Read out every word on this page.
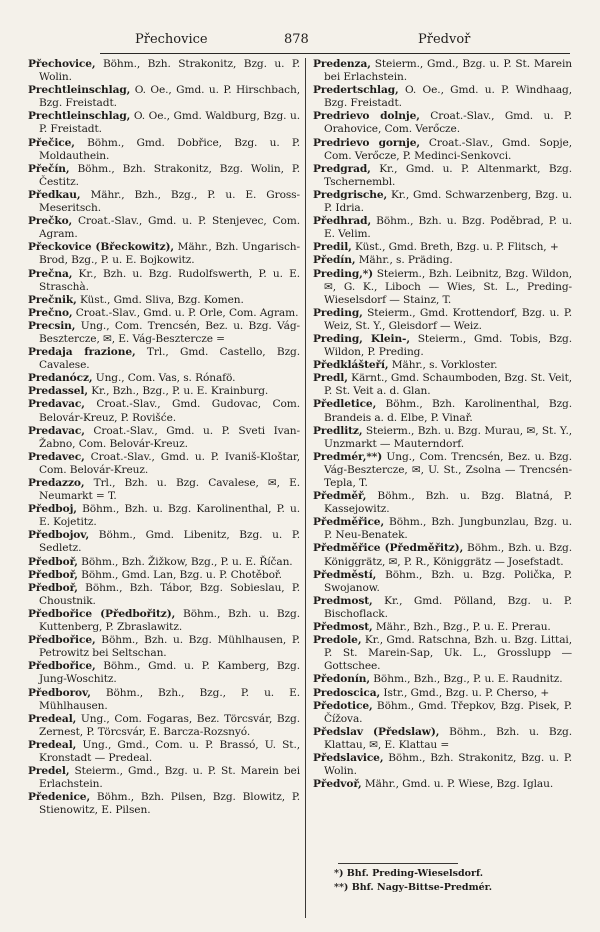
Přechovice	878	Předvoř
Přechovice, Böhm., Bzh. Strakonitz, Bzg. u. P. Wolin.
Prechtleinschlag, O. Oe., Gmd. u. P. Hirschbach, Bzg. Freistadt.
Prechtleinschlag, O. Oe., Gmd. Waldburg, Bzg. u. P. Freistadt.
Přečice, Böhm., Gmd. Dobřice, Bzg. u. P. Moldauthein.
Přečín, Böhm., Bzh. Strakonitz, Bzg. Wolin, P. Čestitz.
Předkau, Mähr., Bzh., Bzg., P. u. E. Gross-Meseritsch.
Prečko, Croat.-Slav., Gmd. u. P. Stenjevec, Com. Agram.
Přeckovice (Břeckowitz), Mähr., Bzh. Ungarisch-Brod, Bzg., P. u. E. Bojkowitz.
Prečna, Kr., Bzh. u. Bzg. Rudolfswerth, P. u. E. Straschà.
Prečnik, Küst., Gmd. Sliva, Bzg. Komen.
Prečno, Croat.-Slav., Gmd. u. P. Orle, Com. Agram.
Precsin, Ung., Com. Trencsén, Bez. u. Bzg. Vág-Besztercze, ✉, E. Vág-Besztercze =
Predaja frazione, Trl., Gmd. Castello, Bzg. Cavalese.
Predanócz, Ung., Com. Vas, s. Rónafö.
Predassel, Kr., Bzh., Bzg., P. u. E. Krainburg.
Predavac, Croat.-Slav., Gmd. Gudovac, Com. Belovár-Kreuz, P. Rovišće.
Predavac, Croat.-Slav., Gmd. u. P. Sveti Ivan-Žabno, Com. Belovár-Kreuz.
Predavec, Croat.-Slav., Gmd. u. P. Ivaniš-Kloštar, Com. Belovár-Kreuz.
Predazzo, Trl., Bzh. u. Bzg. Cavalese, ✉, E. Neumarkt = T.
Předboj, Böhm., Bzh. u. Bzg. Karolinenthal, P. u. E. Kojetitz.
Předbojov, Böhm., Gmd. Libenitz, Bzg. u. P. Sedletz.
Předboř, Böhm., Bzh. Žižkow, Bzg., P. u. E. Říčan.
Předboř, Böhm., Gmd. Lan, Bzg. u. P. Chotěboř.
Předboř, Böhm., Bzh. Tábor, Bzg. Sobieslau, P. Choustnik.
Předbořice (Předbořitz), Böhm., Bzh. u. Bzg. Kuttenberg, P. Zbraslawitz.
Předbořice, Böhm., Bzh. u. Bzg. Mühlhausen, P. Petrowitz bei Seltschan.
Předbořice, Böhm., Gmd. u. P. Kamberg, Bzg. Jung-Woschitz.
Předborov, Böhm., Bzh., Bzg., P. u. E. Mühlhausen.
Predeal, Ung., Com. Fogaras, Bez. Törcsvár, Bzg. Zernest, P. Törcsvár, E. Barcza-Rozsnyó.
Predeal, Ung., Gmd., Com. u. P. Brassó, U. St., Kronstadt — Predeal.
Predel, Steierm., Gmd., Bzg. u. P. St. Marein bei Erlachstein.
Předenice, Böhm., Bzh. Pilsen, Bzg. Blowitz, P. Stienowitz, E. Pilsen.
Predenza, Steierm., Gmd., Bzg. u. P. St. Marein bei Erlachstein.
Predertschlag, O. Oe., Gmd. u. P. Windhaag, Bzg. Freistadt.
Predrievo dolnje, Croat.-Slav., Gmd. u. P. Orahovice, Com. Verőcze.
Predrievo gornje, Croat.-Slav., Gmd. Sopje, Com. Verőcze, P. Medinci-Senkovci.
Predgrad, Kr., Gmd. u. P. Altenmarkt, Bzg. Tschernembl.
Predgrische, Kr., Gmd. Schwarzenberg, Bzg. u. P. Idria.
Předhrad, Böhm., Bzh. u. Bzg. Poděbrad, P. u. E. Velim.
Predil, Küst., Gmd. Breth, Bzg. u. P. Flitsch, +
Předín, Mähr., s. Präding.
Preding,*) Steierm., Bzh. Leibnitz, Bzg. Wildon, ✉, G. K., Liboch — Wies, St. L., Preding-Wieselsdorf — Stainz, T.
Preding, Steierm., Gmd. Krottendorf, Bzg. u. P. Weiz, St. Y., Gleisdorf — Weiz.
Preding, Klein-, Steierm., Gmd. Tobis, Bzg. Wildon, P. Preding.
Předklášteří, Mähr., s. Vorkloster.
Predl, Kärnt., Gmd. Schaumboden, Bzg. St. Veit, P. St. Veit a. d. Glan.
Předletice, Böhm., Bzh. Karolinenthal, Bzg. Brandeis a. d. Elbe, P. Vinař.
Predlitz, Steierm., Bzh. u. Bzg. Murau, ✉, St. Y., Unzmarkt — Mauterndorf.
Predmér,**) Ung., Com. Trencsén, Bez. u. Bzg. Vág-Besztercze, ✉, U. St., Zsolna — Trencsén-Tepla, T.
Předměř, Böhm., Bzh. u. Bzg. Blatná, P. Kassejowitz.
Předměřice, Böhm., Bzh. Jungbunzlau, Bzg. u. P. Neu-Benatek.
Předměřice (Předměřitz), Böhm., Bzh. u. Bzg. Königgrätz, ✉, P. R., Königgrätz — Josefstadt.
Předměstí, Böhm., Bzh. u. Bzg. Polička, P. Swojanow.
Predmost, Kr., Gmd. Pölland, Bzg. u. P. Bischoflack.
Předmost, Mähr., Bzh., Bzg., P. u. E. Prerau.
Predole, Kr., Gmd. Ratschna, Bzh. u. Bzg. Littai, P. St. Marein-Sap, Uk. L., Grosslupp — Gottschee.
Předonín, Böhm., Bzh., Bzg., P. u. E. Raudnitz.
Predoscica, Istr., Gmd., Bzg. u. P. Cherso, +
Předotice, Böhm., Gmd. Třepkov, Bzg. Pisek, P. Čížova.
Předslav (Předslaw), Böhm., Bzh. u. Bzg. Klattau, ✉, E. Klattau =
Předslavice, Böhm., Bzh. Strakonitz, Bzg. u. P. Wolin.
Předvoř, Mähr., Gmd. u. P. Wiese, Bzg. Iglau.
*) Bhf. Preding-Wieselsdorf.
**) Bhf. Nagy-Bittse-Predmér.
